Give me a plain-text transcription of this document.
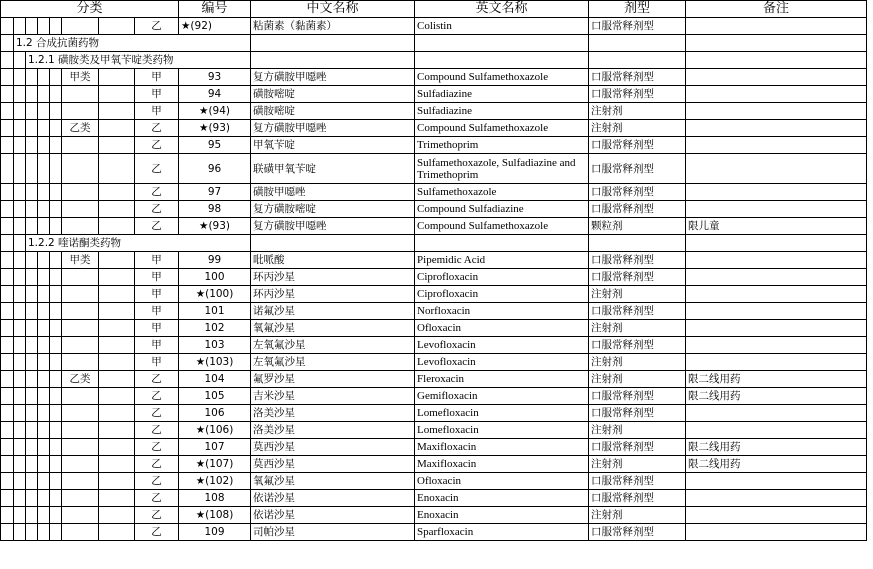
分类								编号	中文名称	英文名称	剂型	备注
							乙	★(92)	粘菌素（黏菌素）	Colistin	口服常释剂型	
	1.2 合成抗菌药物											
		1.2.1 磺胺类及甲氧苄啶类药物										
					甲类		甲	93	复方磺胺甲噁唑	Compound Sulfamethoxazole	口服常释剂型	
							甲	94	磺胺嘧啶	Sulfadiazine	口服常释剂型	
							甲	★(94)	磺胺嘧啶	Sulfadiazine	注射剂	
					乙类		乙	★(93)	复方磺胺甲噁唑	Compound Sulfamethoxazole	注射剂	
							乙	95	甲氧苄啶	Trimethoprim	口服常释剂型	
							乙	96	联磺甲氧苄啶	Sulfamethoxazole, Sulfadiazine and Trimethoprim	口服常释剂型	
							乙	97	磺胺甲噁唑	Sulfamethoxazole	口服常释剂型	
							乙	98	复方磺胺嘧啶	Compound Sulfadiazine	口服常释剂型	
							乙	★(93)	复方磺胺甲噁唑	Compound Sulfamethoxazole	颗粒剂	限儿童
		1.2.2 喹诺酮类药物										
					甲类		甲	99	吡哌酸	Pipemidic Acid	口服常释剂型	
							甲	100	环丙沙星	Ciprofloxacin	口服常释剂型	
							甲	★(100)	环丙沙星	Ciprofloxacin	注射剂	
							甲	101	诺氟沙星	Norfloxacin	口服常释剂型	
							甲	102	氧氟沙星	Ofloxacin	注射剂	
							甲	103	左氧氟沙星	Levofloxacin	口服常释剂型	
							甲	★(103)	左氧氟沙星	Levofloxacin	注射剂	
					乙类		乙	104	氟罗沙星	Fleroxacin	注射剂	限二线用药
							乙	105	吉米沙星	Gemifloxacin	口服常释剂型	限二线用药
							乙	106	洛美沙星	Lomefloxacin	口服常释剂型	
							乙	★(106)	洛美沙星	Lomefloxacin	注射剂	
							乙	107	莫西沙星	Maxifloxacin	口服常释剂型	限二线用药
							乙	★(107)	莫西沙星	Maxifloxacin	注射剂	限二线用药
							乙	★(102)	氧氟沙星	Ofloxacin	口服常释剂型	
							乙	108	依诺沙星	Enoxacin	口服常释剂型	
							乙	★(108)	依诺沙星	Enoxacin	注射剂	
							乙	109	司帕沙星	Sparfloxacin	口服常释剂型	
